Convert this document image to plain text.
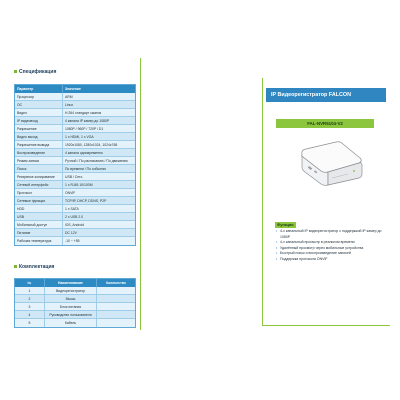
Спецификация
Параметр	Значение
Процессор	ARM
ОС	Linux
Видео	H.264 стандарт сжатия
IP видеовход	4 канала IP камер до 1080P
Разрешение	1080P / 960P / 720P / D1
Видео выход	1 x HDMI, 1 x VGA
Разрешение вывода	1920x1080, 1280x1024, 1024x768
Воспроизведение	4 канала одновременно
Режим записи	Ручной / По расписанию / По движению
Поиск	По времени / По событию
Резервное копирование	USB / Сеть
Сетевой интерфейс	1 x RJ45 10/100M
Протокол	ONVIF
Сетевые функции	TCP/IP, DHCP, DDNS, P2P
HDD	1 x SATA
USB	2 x USB 2.0
Мобильный доступ	iOS, Android
Питание	DC 12V
Рабочая температура	-10 ~ +55
Комплектация
№	Наименование	Количество
1	Видеорегистратор
2	Мышь
3	Блок питания
4	Руководство пользователя
5	Кабель
IP Видеорегистратор FALCON
FAL-NVR5104-V2
Функции
• 4-х канальный IP видеорегистратор с поддержкой IP камер до 1080P
• 4-х канальный просмотр в реальном времени
• Удалённый просмотр через мобильные устройства
• Быстрый поиск и воспроизведение записей
• Поддержка протокола ONVIF
